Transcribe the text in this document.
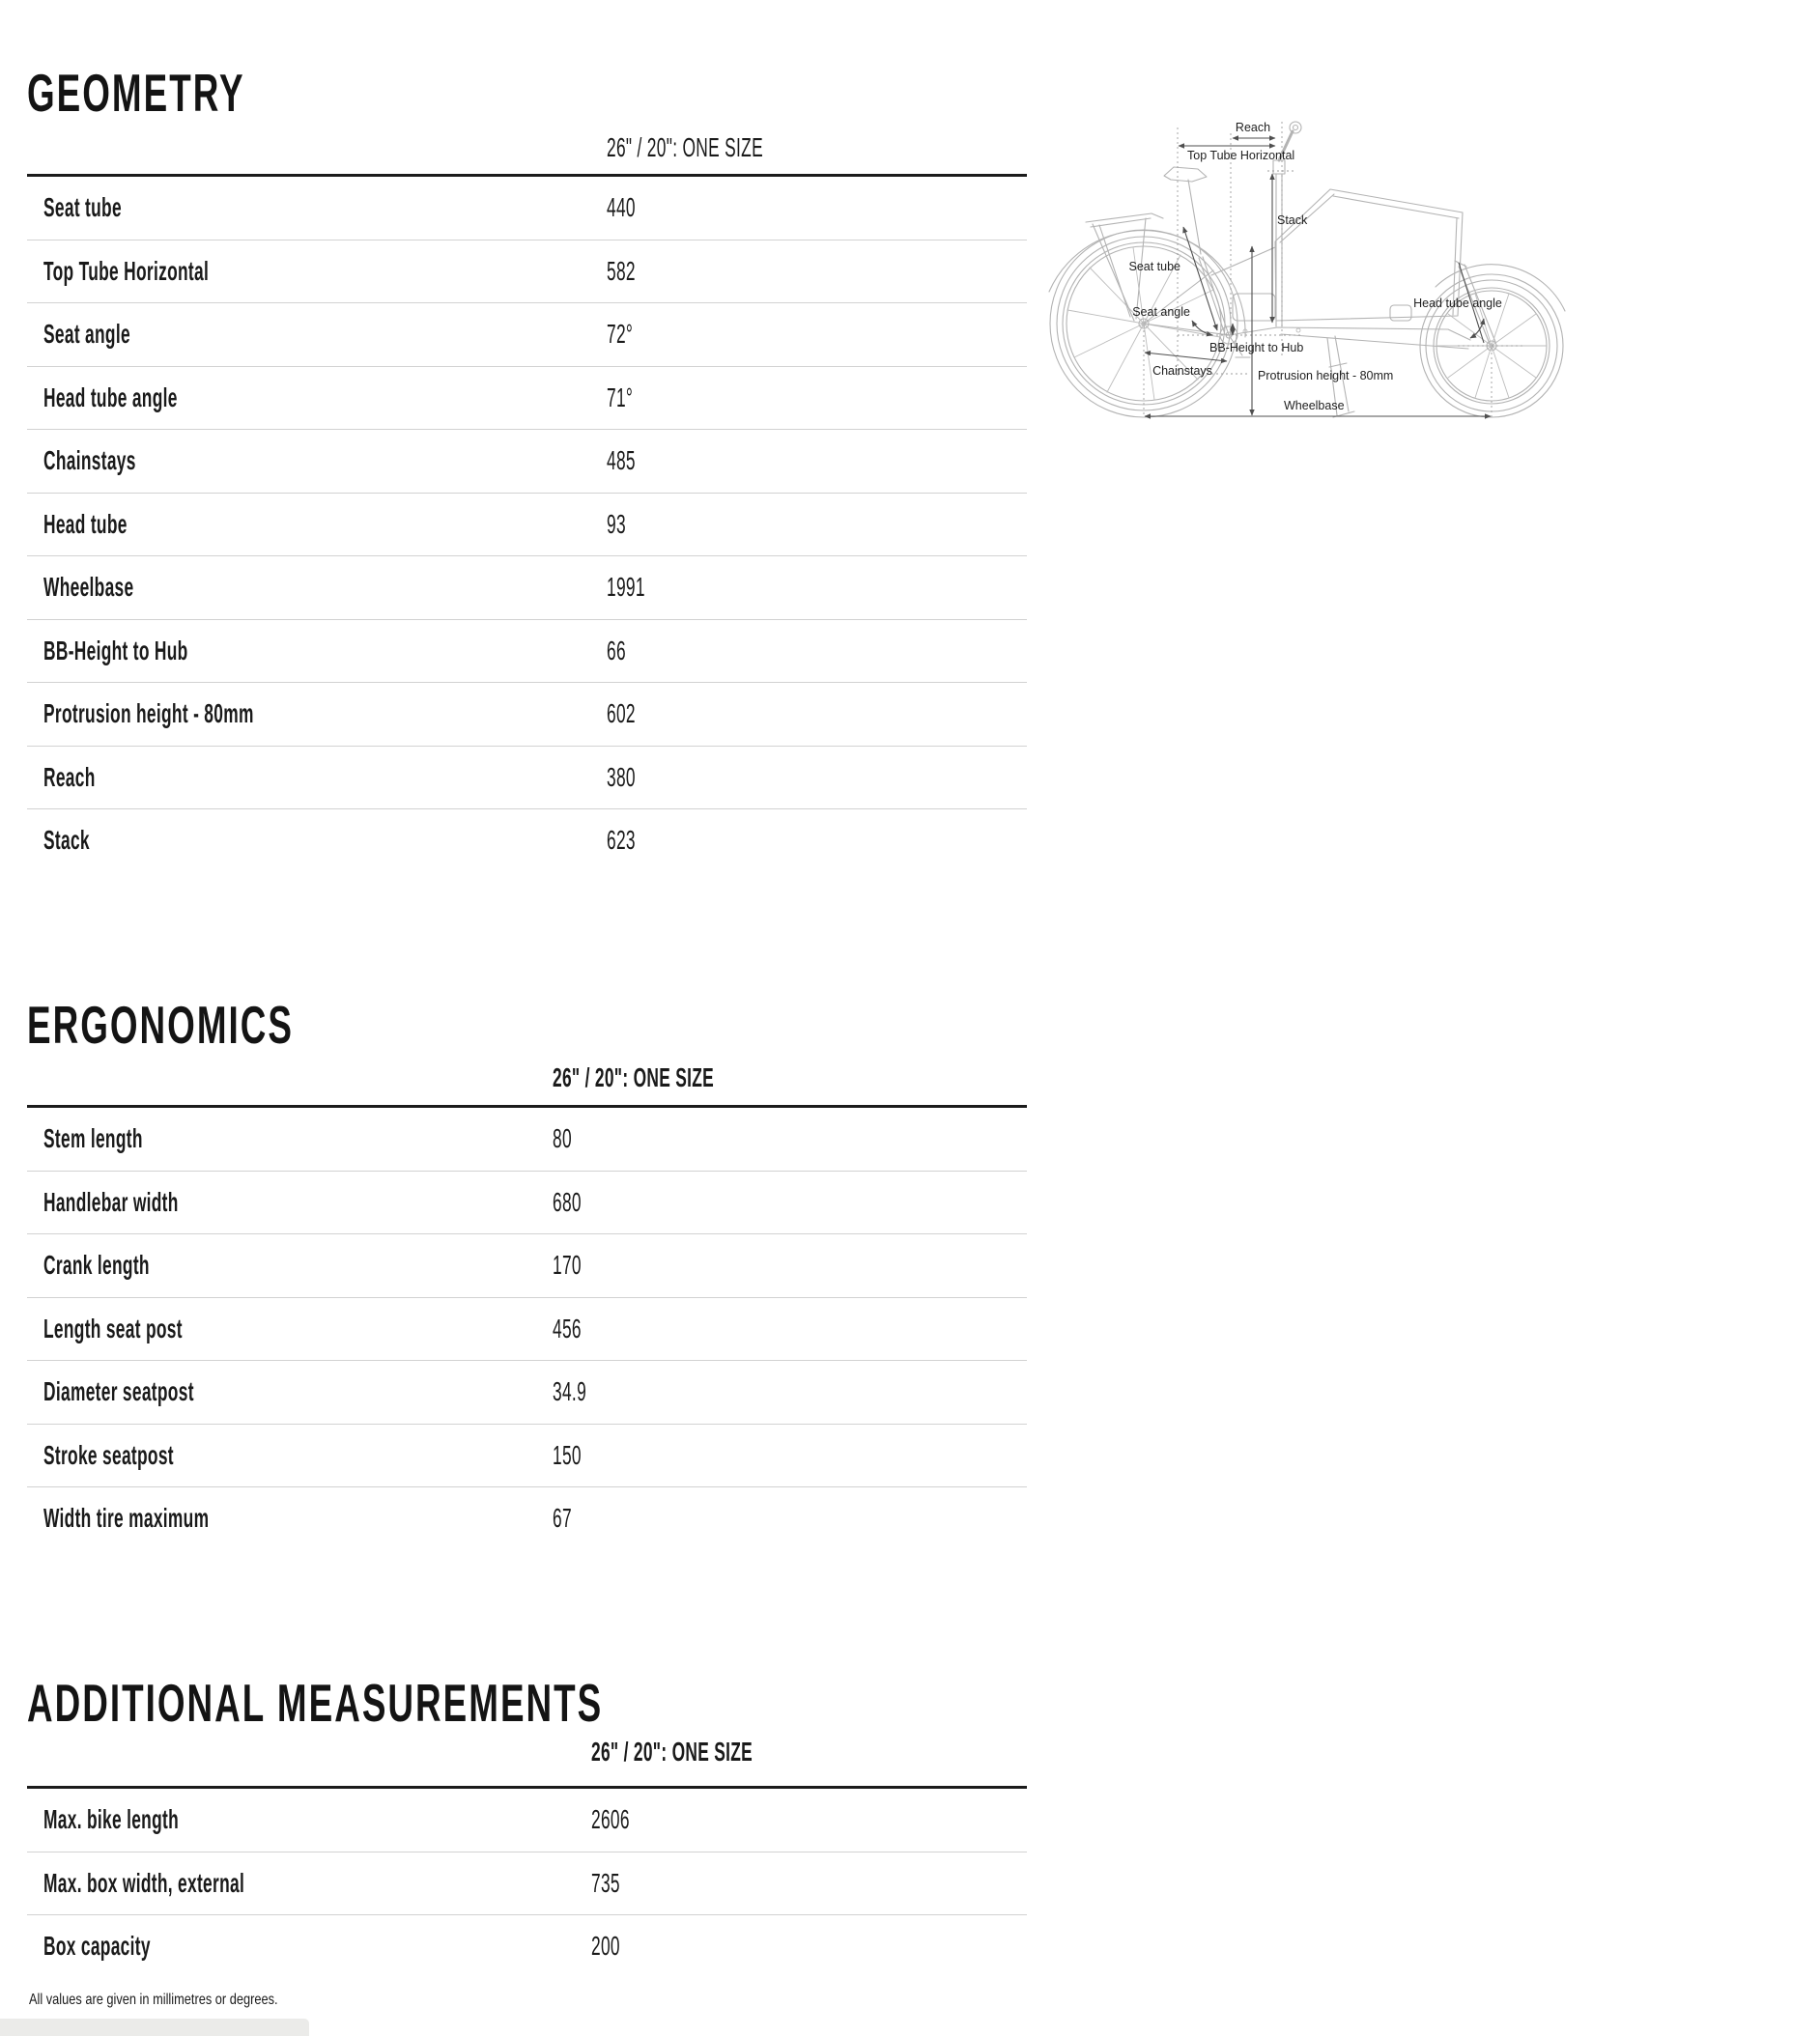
GEOMETRY
26" / 20": ONE SIZE
Seat tube	440
Top Tube Horizontal	582
Seat angle	72°
Head tube angle	71°
Chainstays	485
Head tube	93
Wheelbase	1991
BB-Height to Hub	66
Protrusion height - 80mm	602
Reach	380
Stack	623
Reach
Top Tube Horizontal
Stack
Seat tube
Seat angle
Head tube angle
BB-Height to Hub
Chainstays	Protrusion height - 80mm
Wheelbase
ERGONOMICS
26" / 20": ONE SIZE
Stem length	80
Handlebar width	680
Crank length	170
Length seat post	456
Diameter seatpost	34.9
Stroke seatpost	150
Width tire maximum	67
ADDITIONAL MEASUREMENTS
26" / 20": ONE SIZE
Max. bike length	2606
Max. box width, external	735
Box capacity	200
All values are given in millimetres or degrees.
